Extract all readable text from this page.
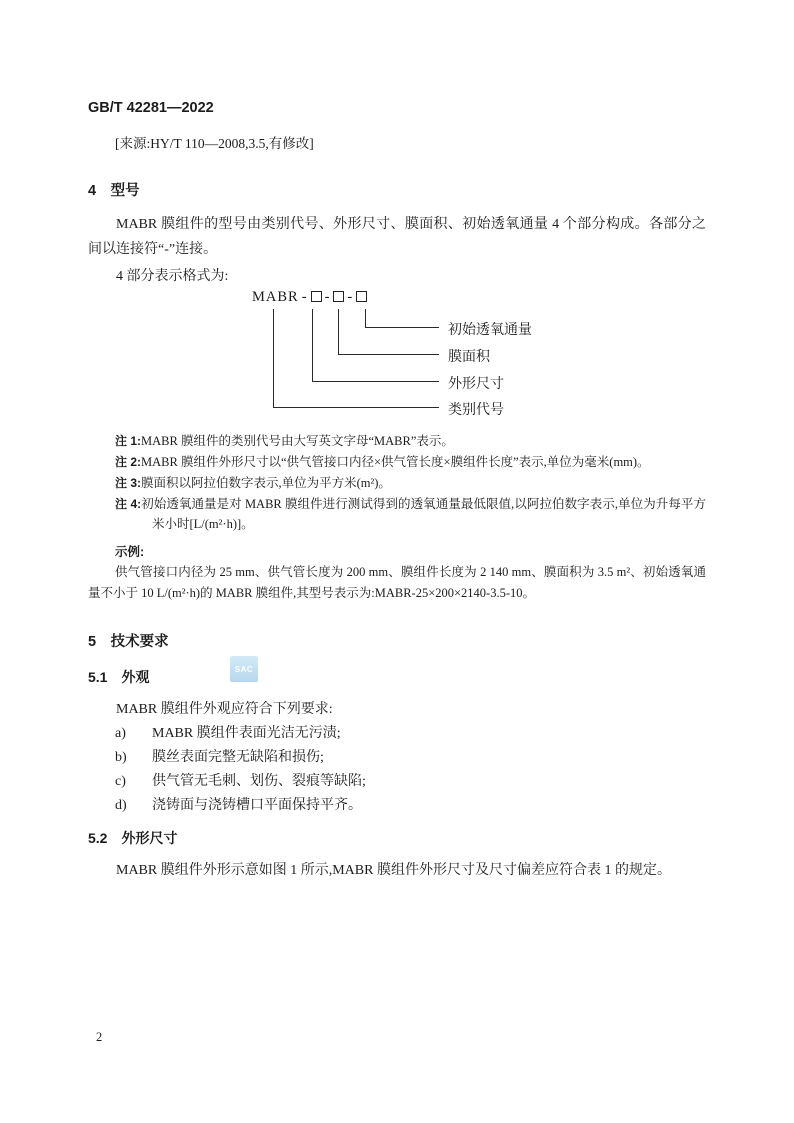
GB/T 42281—2022
[来源:HY/T 110—2008,3.5,有修改]
4 型号

MABR 膜组件的型号由类别代号、外形尺寸、膜面积、初始透氧通量 4 个部分构成。各部分之间以连接符“-”连接。

4 部分表示格式为:

MABR - - -
初始透氧通量
膜面积
外形尺寸
类别代号
注 1:MABR 膜组件的类别代号由大写英文字母“MABR”表示。
注 2:MABR 膜组件外形尺寸以“供气管接口内径×供气管长度×膜组件长度”表示,单位为毫米(mm)。
注 3:膜面积以阿拉伯数字表示,单位为平方米(m²)。
注 4:初始透氧通量是对 MABR 膜组件进行测试得到的透氧通量最低限值,以阿拉伯数字表示,单位为升每平方米小时[L/(m²·h)]。
示例:

供气管接口内径为 25 mm、供气管长度为 200 mm、膜组件长度为 2 140 mm、膜面积为 3.5 m²、初始透氧通量不小于 10 L/(m²·h)的 MABR 膜组件,其型号表示为:MABR-25×200×2140-3.5-10。

5 技术要求
5.1 外观

MABR 膜组件外观应符合下列要求:

a) MABR 膜组件表面光洁无污渍;
b) 膜丝表面完整无缺陷和损伤;
c) 供气管无毛刺、划伤、裂痕等缺陷;
d) 浇铸面与浇铸槽口平面保持平齐。
5.2 外形尺寸

MABR 膜组件外形示意如图 1 所示,MABR 膜组件外形尺寸及尺寸偏差应符合表 1 的规定。

SAC
2
